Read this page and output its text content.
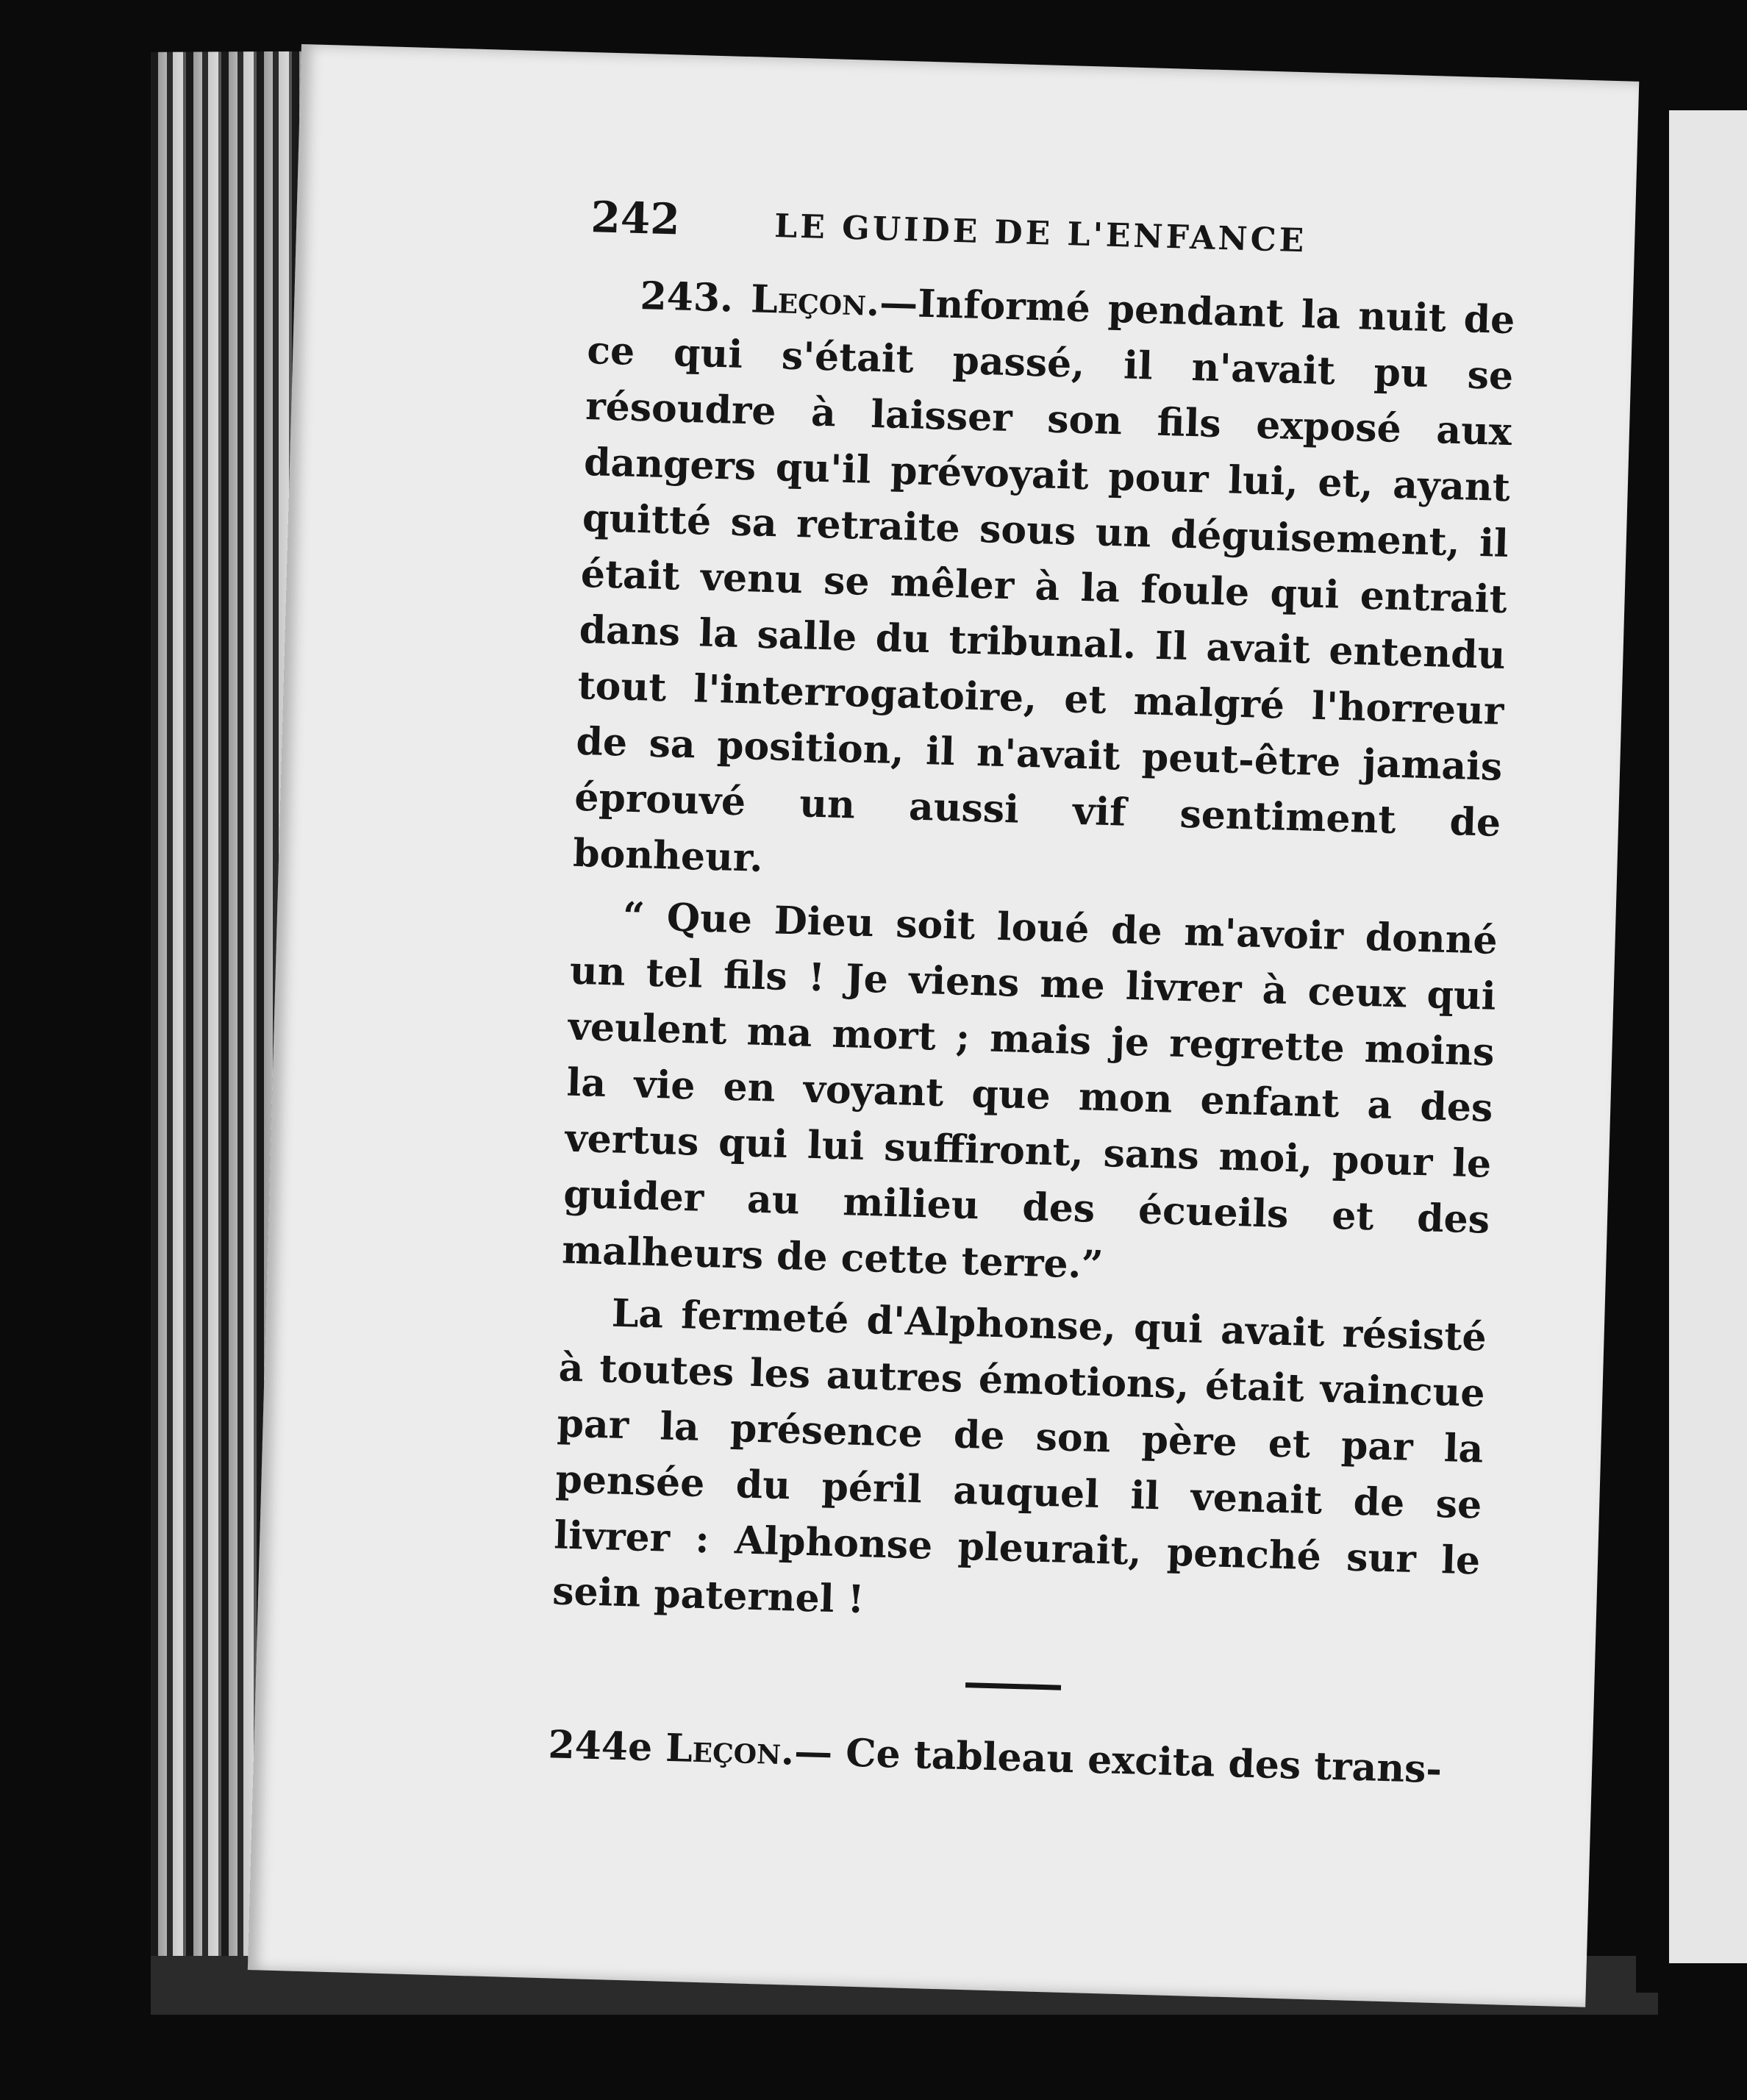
242	LE GUIDE DE L'ENFANCE

243. Leçon.—Informé pendant la nuit de ce qui s'était passé, il n'avait pu se résoudre à laisser son fils exposé aux dangers qu'il prévoyait pour lui, et, ayant quitté sa retraite sous un déguisement, il était venu se mêler à la foule qui entrait dans la salle du tribunal. Il avait entendu tout l'interrogatoire, et malgré l'horreur de sa position, il n'avait peut-être jamais éprouvé un aussi vif sentiment de bonheur.

“ Que Dieu soit loué de m'avoir donné un tel fils ! Je viens me livrer à ceux qui veulent ma mort ; mais je regrette moins la vie en voyant que mon enfant a des vertus qui lui suffiront, sans moi, pour le guider au milieu des écueils et des malheurs de cette terre.”

La fermeté d'Alphonse, qui avait résisté à toutes les autres émotions, était vaincue par la présence de son père et par la pensée du péril auquel il venait de se livrer : Alphonse pleurait, penché sur le sein paternel !

244e Leçon.— Ce tableau excita des trans-
